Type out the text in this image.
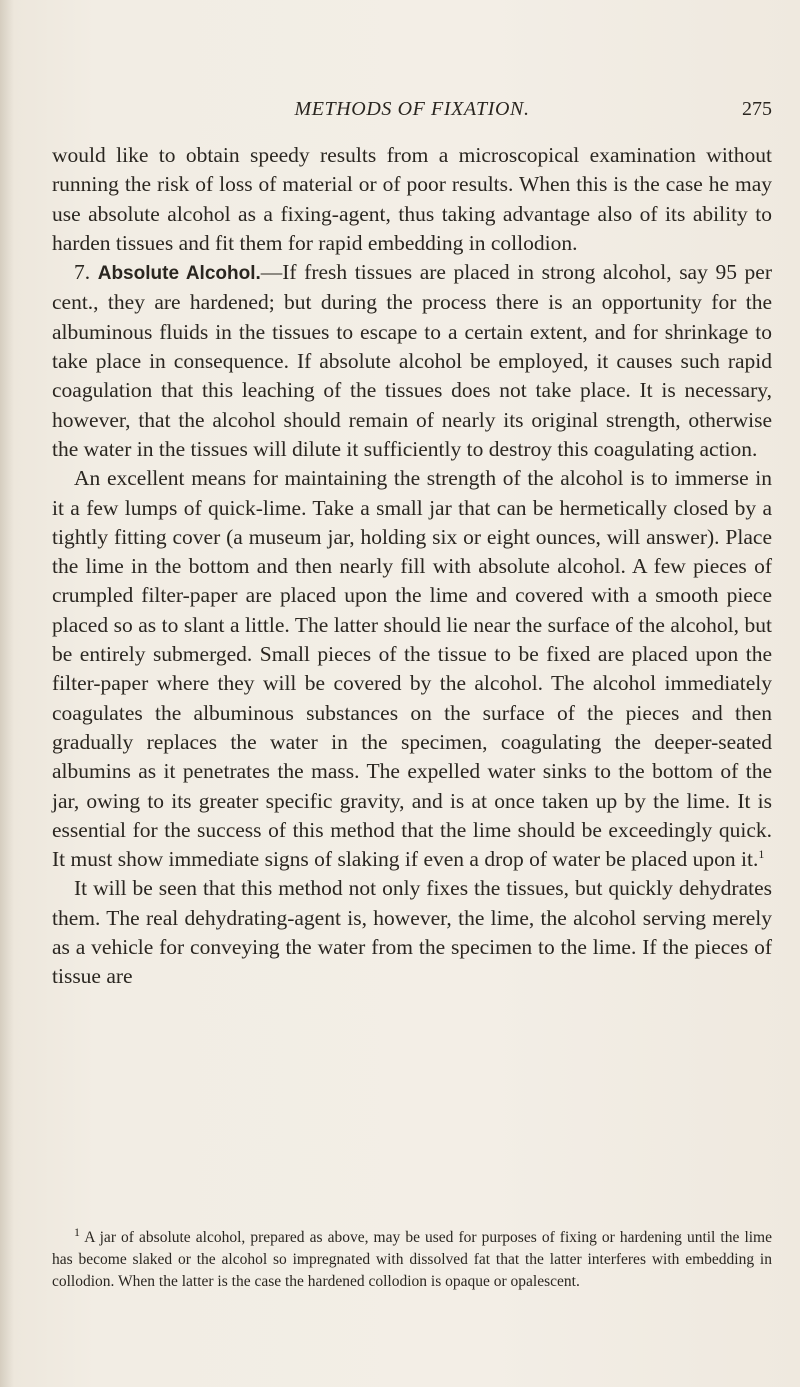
METHODS OF FIXATION.	275

would like to obtain speedy results from a microscopical examination without running the risk of loss of material or of poor results. When this is the case he may use absolute alcohol as a fixing-agent, thus taking advantage also of its ability to harden tissues and fit them for rapid embedding in collodion.

7. Absolute Alcohol.—If fresh tissues are placed in strong alcohol, say 95 per cent., they are hardened; but during the process there is an opportunity for the albuminous fluids in the tissues to escape to a certain extent, and for shrinkage to take place in consequence. If absolute alcohol be employed, it causes such rapid coagulation that this leaching of the tissues does not take place. It is necessary, however, that the alcohol should remain of nearly its original strength, otherwise the water in the tissues will dilute it sufficiently to destroy this coagulating action.

An excellent means for maintaining the strength of the alcohol is to immerse in it a few lumps of quick-lime. Take a small jar that can be hermetically closed by a tightly fitting cover (a museum jar, holding six or eight ounces, will answer). Place the lime in the bottom and then nearly fill with absolute alcohol. A few pieces of crumpled filter-paper are placed upon the lime and covered with a smooth piece placed so as to slant a little. The latter should lie near the surface of the alcohol, but be entirely submerged. Small pieces of the tissue to be fixed are placed upon the filter-paper where they will be covered by the alcohol. The alcohol immediately coagulates the albuminous substances on the surface of the pieces and then gradually replaces the water in the specimen, coagulating the deeper-seated albumins as it penetrates the mass. The expelled water sinks to the bottom of the jar, owing to its greater specific gravity, and is at once taken up by the lime. It is essential for the success of this method that the lime should be exceedingly quick. It must show immediate signs of slaking if even a drop of water be placed upon it.$^1$

It will be seen that this method not only fixes the tissues, but quickly dehydrates them. The real dehydrating-agent is, however, the lime, the alcohol serving merely as a vehicle for conveying the water from the specimen to the lime. If the pieces of tissue are

$^1$ A jar of absolute alcohol, prepared as above, may be used for purposes of fixing or hardening until the lime has become slaked or the alcohol so impregnated with dissolved fat that the latter interferes with embedding in collodion. When the latter is the case the hardened collodion is opaque or opalescent.
